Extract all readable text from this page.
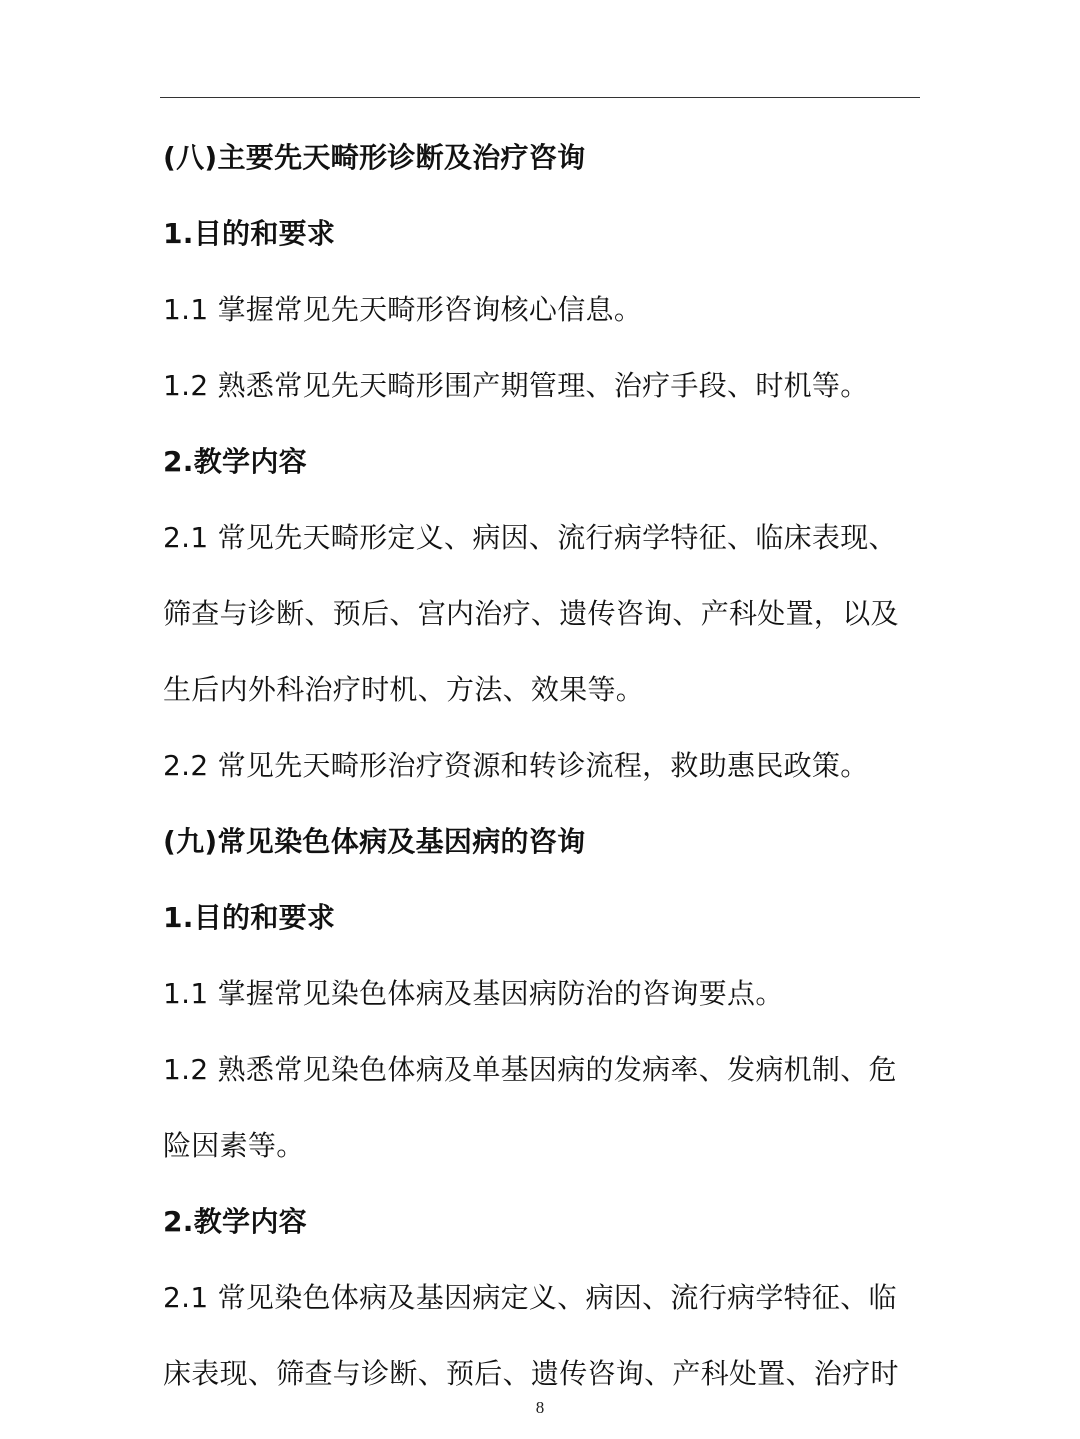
(八)主要先天畸形诊断及治疗咨询
1.目的和要求
1.1 掌握常见先天畸形咨询核心信息。
1.2 熟悉常见先天畸形围产期管理、治疗手段、时机等。
2.教学内容
2.1 常见先天畸形定义、病因、流行病学特征、临床表现、
筛查与诊断、预后、宫内治疗、遗传咨询、产科处置，以及
生后内外科治疗时机、方法、效果等。
2.2 常见先天畸形治疗资源和转诊流程，救助惠民政策。
(九)常见染色体病及基因病的咨询
1.目的和要求
1.1 掌握常见染色体病及基因病防治的咨询要点。
1.2 熟悉常见染色体病及单基因病的发病率、发病机制、危
险因素等。
2.教学内容
2.1 常见染色体病及基因病定义、病因、流行病学特征、临
床表现、筛查与诊断、预后、遗传咨询、产科处置、治疗时
8
